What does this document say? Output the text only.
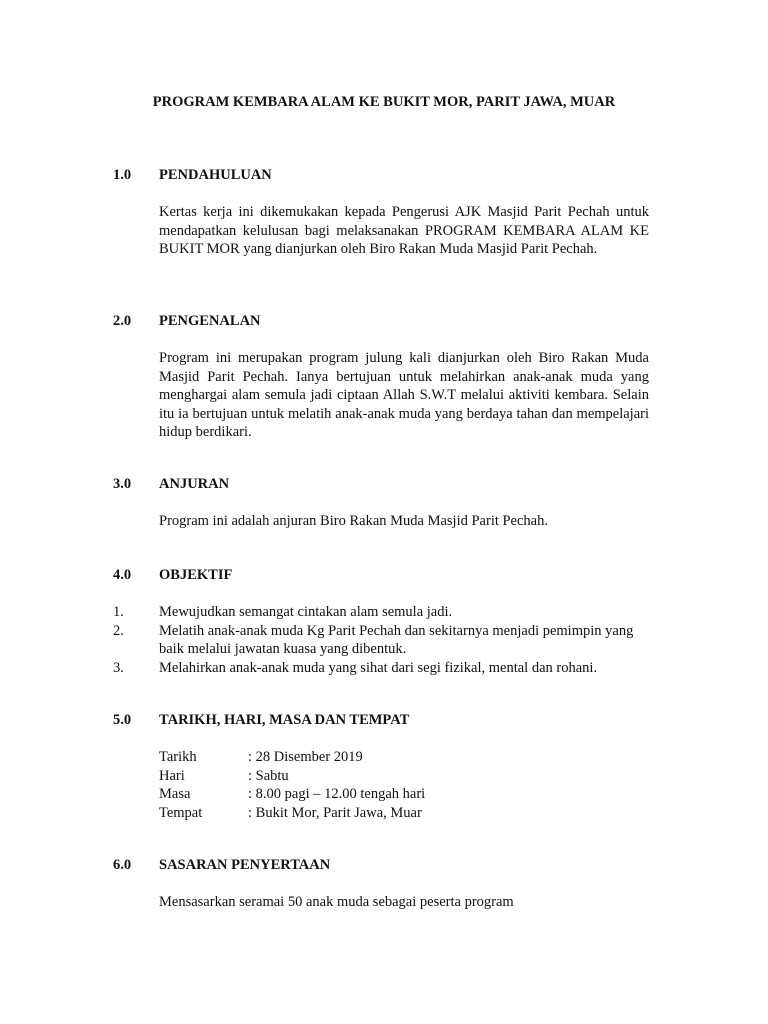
PROGRAM KEMBARA ALAM KE BUKIT MOR, PARIT JAWA, MUAR
1.0 PENDAHULUAN
Kertas kerja ini dikemukakan kepada Pengerusi AJK Masjid Parit Pechah untuk mendapatkan kelulusan bagi melaksanakan PROGRAM KEMBARA ALAM KE BUKIT MOR yang dianjurkan oleh Biro Rakan Muda Masjid Parit Pechah.
2.0 PENGENALAN
Program ini merupakan program julung kali dianjurkan oleh Biro Rakan Muda Masjid Parit Pechah. Ianya bertujuan untuk melahirkan anak-anak muda yang menghargai alam semula jadi ciptaan Allah S.W.T melalui aktiviti kembara. Selain itu ia bertujuan untuk melatih anak-anak muda yang berdaya tahan dan mempelajari hidup berdikari.
3.0 ANJURAN
Program ini adalah anjuran Biro Rakan Muda Masjid Parit Pechah.
4.0 OBJEKTIF
1.	Mewujudkan semangat cintakan alam semula jadi.
2.	Melatih anak-anak muda Kg Parit Pechah dan sekitarnya menjadi pemimpin yang baik melalui jawatan kuasa yang dibentuk.
3.	Melahirkan anak-anak muda yang sihat dari segi fizikal, mental dan rohani.
5.0 TARIKH, HARI, MASA DAN TEMPAT
Tarikh	: 28 Disember 2019
Hari	: Sabtu
Masa	: 8.00 pagi – 12.00 tengah hari
Tempat	: Bukit Mor, Parit Jawa, Muar
6.0 SASARAN PENYERTAAN
Mensasarkan seramai 50 anak muda sebagai peserta program
